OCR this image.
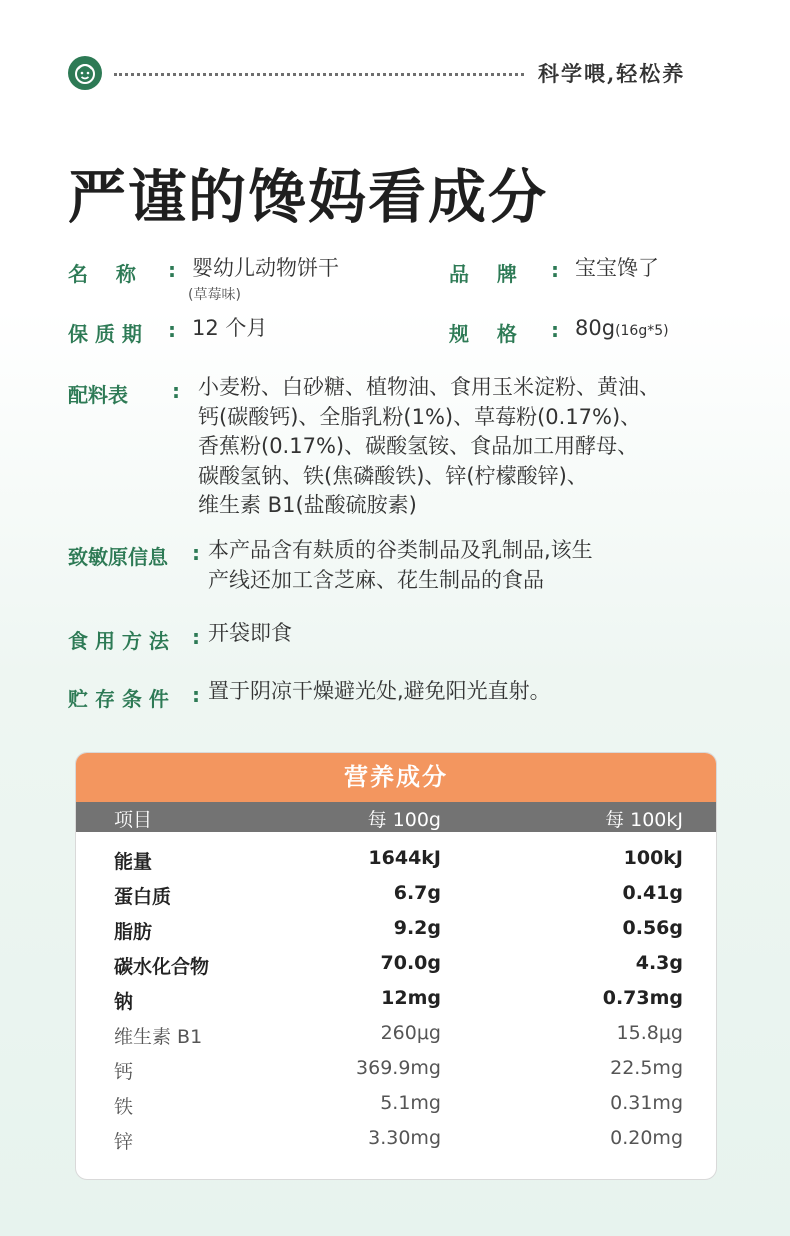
科学喂,轻松养
严谨的馋妈看成分
名    称	: 婴幼儿动物饼干
(草莓味)
品    牌	: 宝宝馋了
保 质 期 : 12 个月	规    格	: 80g(16g*5)
配料表 : 小麦粉、白砂糖、植物油、食用玉米淀粉、黄油、
钙(碳酸钙)、全脂乳粉(1%)、草莓粉(0.17%)、
香蕉粉(0.17%)、碳酸氢铵、食品加工用酵母、
碳酸氢钠、铁(焦磷酸铁)、锌(柠檬酸锌)、
维生素 B1(盐酸硫胺素)
致敏原信息 : 本产品含有麸质的谷类制品及乳制品,该生
产线还加工含芝麻、花生制品的食品
食 用 方 法 : 开袋即食
贮 存 条 件 : 置于阴凉干燥避光处,避免阳光直射。
营养成分
项目	每 100g	每 100kJ
能量	1644kJ	100kJ
蛋白质	6.7g	0.41g
脂肪	9.2g	0.56g
碳水化合物	70.0g	4.3g
钠	12mg	0.73mg
维生素 B1	260μg	15.8μg
钙	369.9mg	22.5mg
铁	5.1mg	0.31mg
锌	3.30mg	0.20mg
